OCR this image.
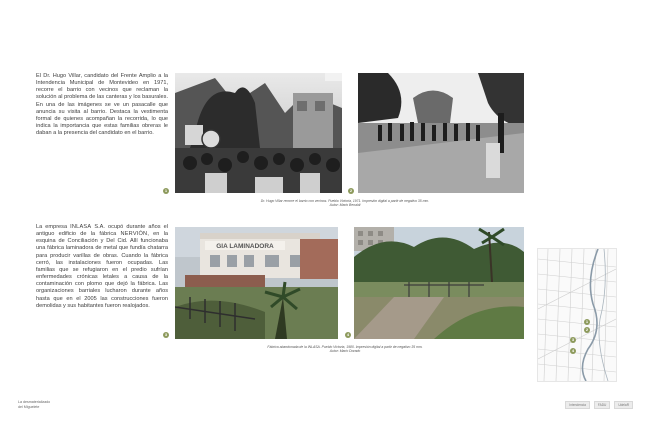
El Dr. Hugo Villar, candidato del Frente Amplio a la Intendencia Municipal de Montevideo en 1971, recorre el barrio con vecinos que reclaman la solución al problema de las canteras y los basurales. En una de las imágenes se ve un pasacalle que anuncia su visita al barrio. Destaca la vestimenta formal de quienes acompañan la recorrida, lo que indica la importancia que estas familias obreras le daban a la presencia del candidato en el barrio.
1	2
Dr. Hugo Villar recorre el barrio con vecinos. Pueblo Victoria, 1971. Impresión digital a partir de negativo 35 mm.
Autor: Mario Benaldi
La empresa INLASA S.A. ocupó durante años el antiguo edificio de la fábrica NERVIÓN, en la esquina de Conciliación y Del Cid. Allí funcionaba una fábrica laminadora de metal que fundía chatarra para producir varillas de obras. Cuando la fábrica cerró, las instalaciones fueron ocupadas. Las familias que se refugiaron en el predio sufrían enfermedades crónicas letales a causa de la contaminación con plomo que dejó la fábrica. Las organizaciones barriales lucharon durante años hasta que en el 2005 las construcciones fueron demolidas y sus habitantes fueron realojados.
GIA LAMINADORA
3	4
Fábrica abandonada de la INLASA. Pueblo Victoria, 1980. Impresión digital a partir de negativo 35 mm.
Autor: Mario Dorado
1
2
3
4
La desmaterializado
del Miguelete	Intendencia	FADU	UdelaR
